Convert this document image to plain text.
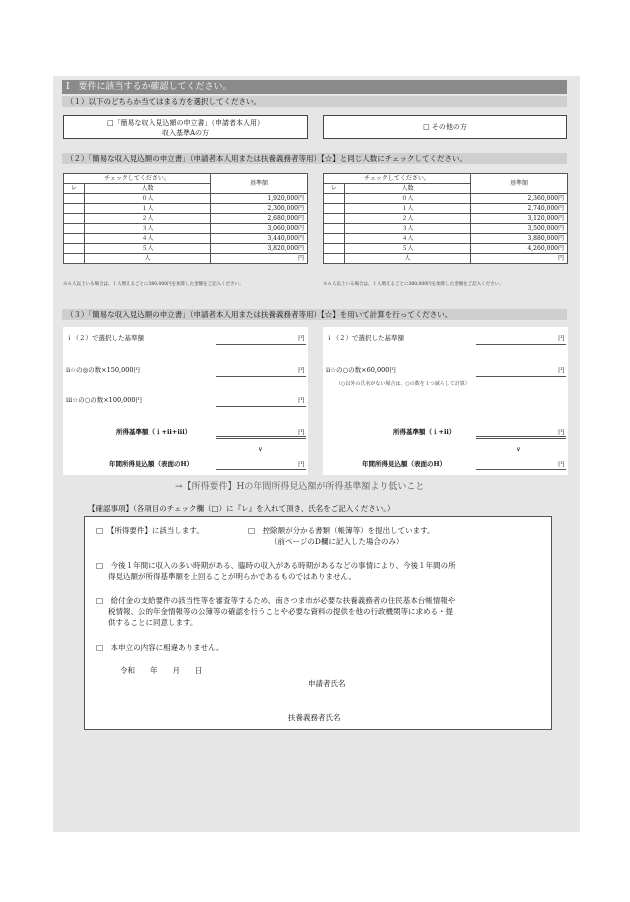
Ⅰ　要件に該当するか確認してください。
（１）以下のどちらか当てはまる方を選択してください。
□「簡易な収入見込額の申立書」（申請者本人用）
収入基準Aの方
□ その他の方
（２）「簡易な収入見込額の申立書」（申請者本人用または扶養義務者等用）【☆】と同じ人数にチェックしてください。
チェックしてください。		基準額
レ	人数	
	０人	1,920,000円
	１人	2,300,000円
	２人	2,680,000円
	３人	3,060,000円
	４人	3,440,000円
	５人	3,820,000円
	人	円
※６人以上いる場合は、１人増えるごとに380,000円を加算した金額をご記入ください。
チェックしてください。		基準額
レ	人数	
	０人	2,360,000円
	１人	2,740,000円
	２人	3,120,000円
	３人	3,500,000円
	４人	3,880,000円
	５人	4,260,000円
	人	円
※６人以上いる場合は、１人増えるごとに380,000円を加算した金額をご記入ください。
（３）「簡易な収入見込額の申立書」（申請者本人用または扶養義務者等用）【☆】を用いて計算を行ってください。
ｉ（２）で選択した基準額	円
ii☆の◎の数×150,000円	円
iii☆の○の数×100,000円	円
所得基準額（ｉ+ii+iii）	円
∨
年間所得見込額（表面のH）	円
ｉ（２）で選択した基準額	円
ii☆の○の数×60,000円	円
（○以外の氏名がない場合は、○の数を１つ減らして計算）
所得基準額（ｉ+ii）	円
∨
年間所得見込額（表面のH）	円
→【所得要件】Hの年間所得見込額が所得基準額より低いこと
【確認事項】（各項目のチェック欄（□）に『レ』を入れて頂き、氏名をご記入ください。）
□　【所得要件】に該当します。	□　控除額が分かる書類（帳簿等）を提出しています。
（前ページのD欄に記入した場合のみ）
□　今後１年間に収入の多い時期がある、臨時の収入がある時期があるなどの事情により、今後１年間の所
得見込額が所得基準額を上回ることが明らかであるものではありません。
□　給付金の支給要件の該当性等を審査等するため、南さつま市が必要な扶養義務者の住民基本台帳情報や
税情報、公的年金情報等の公簿等の確認を行うことや必要な資料の提供を他の行政機関等に求める・提
供することに同意します。
□　本申立の内容に相違ありません。
令和　　年　　月　　日
申請者氏名
扶養義務者氏名
